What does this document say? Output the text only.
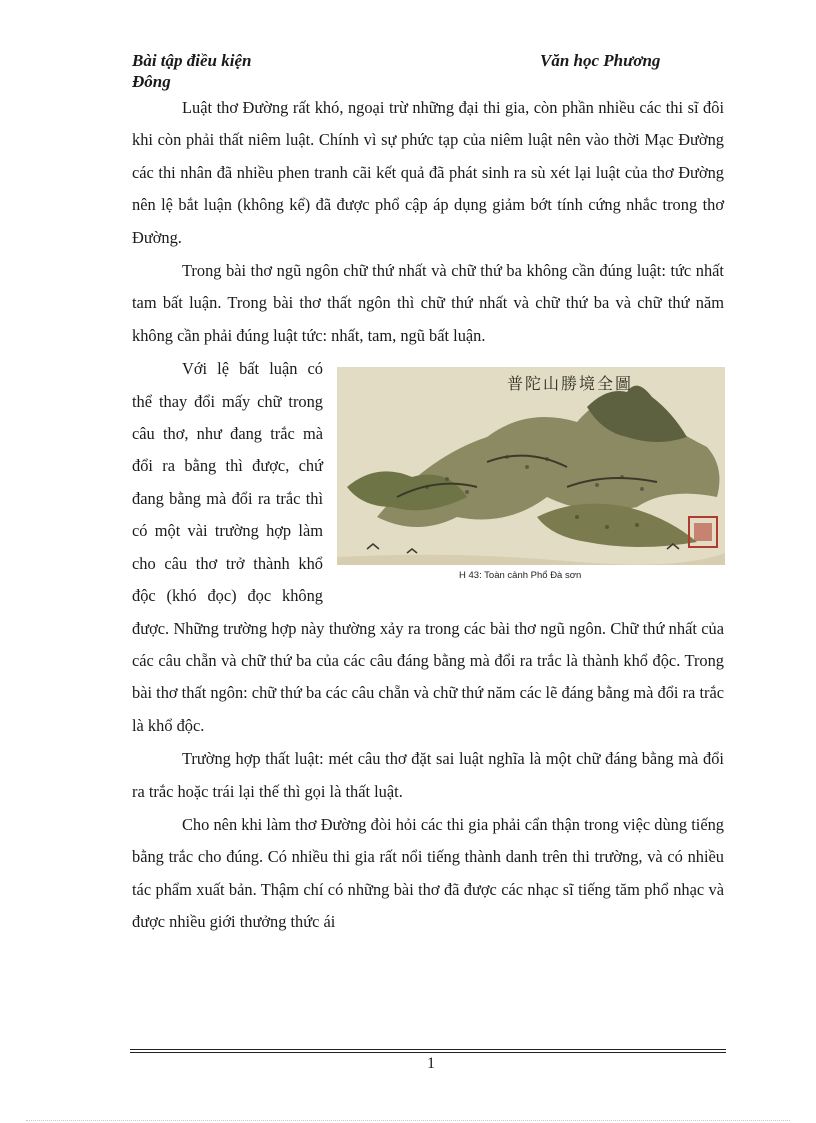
Bài tập điều kiện Đông
Văn học Phương

Luật thơ Đường rất khó, ngoại trừ những đại thi gia, còn phần nhiều các thi sĩ đôi khi còn phải thất niêm luật. Chính vì sự phức tạp của niêm luật nên vào thời Mạc Đường các thi nhân đã nhiều phen tranh cãi kết quả đã phát sinh ra sù xét lại luật của thơ Đường nên lệ bắt luận (không kể) đã được phổ cập áp dụng giảm bớt tính cứng nhắc trong thơ Đường.

Trong bài thơ ngũ ngôn chữ thứ nhất và chữ thứ ba không cần đúng luật: tức nhất tam bất luận. Trong bài thơ thất ngôn thì chữ thứ nhất và chữ thứ ba và chữ thứ năm không cần phải đúng luật tức: nhất, tam, ngũ bất luận.

普陀山勝境全圖
H 43: Toàn cảnh Phổ Đà sơn

Với lệ bất luận có thể thay đổi mấy chữ trong câu thơ, như đang trắc mà đổi ra bằng thì được, chứ đang bằng mà đổi ra trắc thì có một vài trường hợp làm cho câu thơ trở thành khổ độc (khó đọc) đọc không được. Những trường hợp này thường xảy ra trong các bài thơ ngũ ngôn. Chữ thứ nhất của các câu chẵn và chữ thứ ba của các câu đáng bằng mà đổi ra trắc là thành khổ độc. Trong bài thơ thất ngôn: chữ thứ ba các câu chẵn và chữ thứ năm các lẽ đáng bằng mà đổi ra trắc là khổ độc.

Trường hợp thất luật: mét câu thơ đặt sai luật nghĩa là một chữ đáng bằng mà đổi ra trắc hoặc trái lại thế thì gọi là thất luật.

Cho nên khi làm thơ Đường đòi hỏi các thi gia phải cẩn thận trong việc dùng tiếng bằng trắc cho đúng. Có nhiều thi gia rất nổi tiếng thành danh trên thi trường, và có nhiều tác phẩm xuất bản. Thậm chí có những bài thơ đã được các nhạc sĩ tiếng tăm phổ nhạc và được nhiều giới thưởng thức ái

1
